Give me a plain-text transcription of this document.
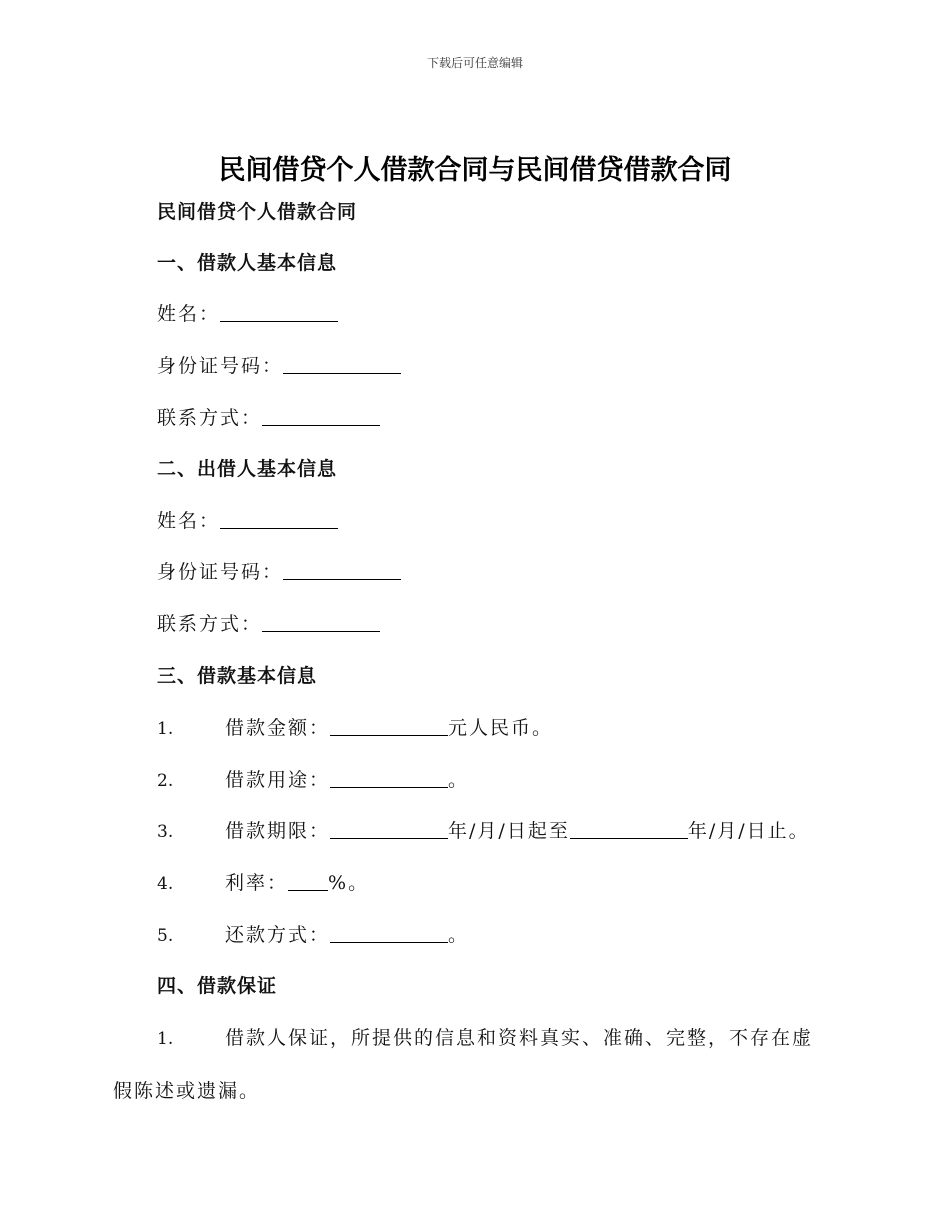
下载后可任意编辑
民间借贷个人借款合同与民间借贷借款合同
民间借贷个人借款合同
一、借款人基本信息
姓名：
身份证号码：
联系方式：
二、出借人基本信息
姓名：
身份证号码：
联系方式：
三、借款基本信息
1.	借款金额：	元人民币。
2.	借款用途：	。
3.	借款期限：	年/月/日起至	年/月/日止。
4.	利率： %。
5.	还款方式：	。
四、借款保证
1.	借款人保证，所提供的信息和资料真实、准确、完整，不存在虚假陈述或遗漏。
